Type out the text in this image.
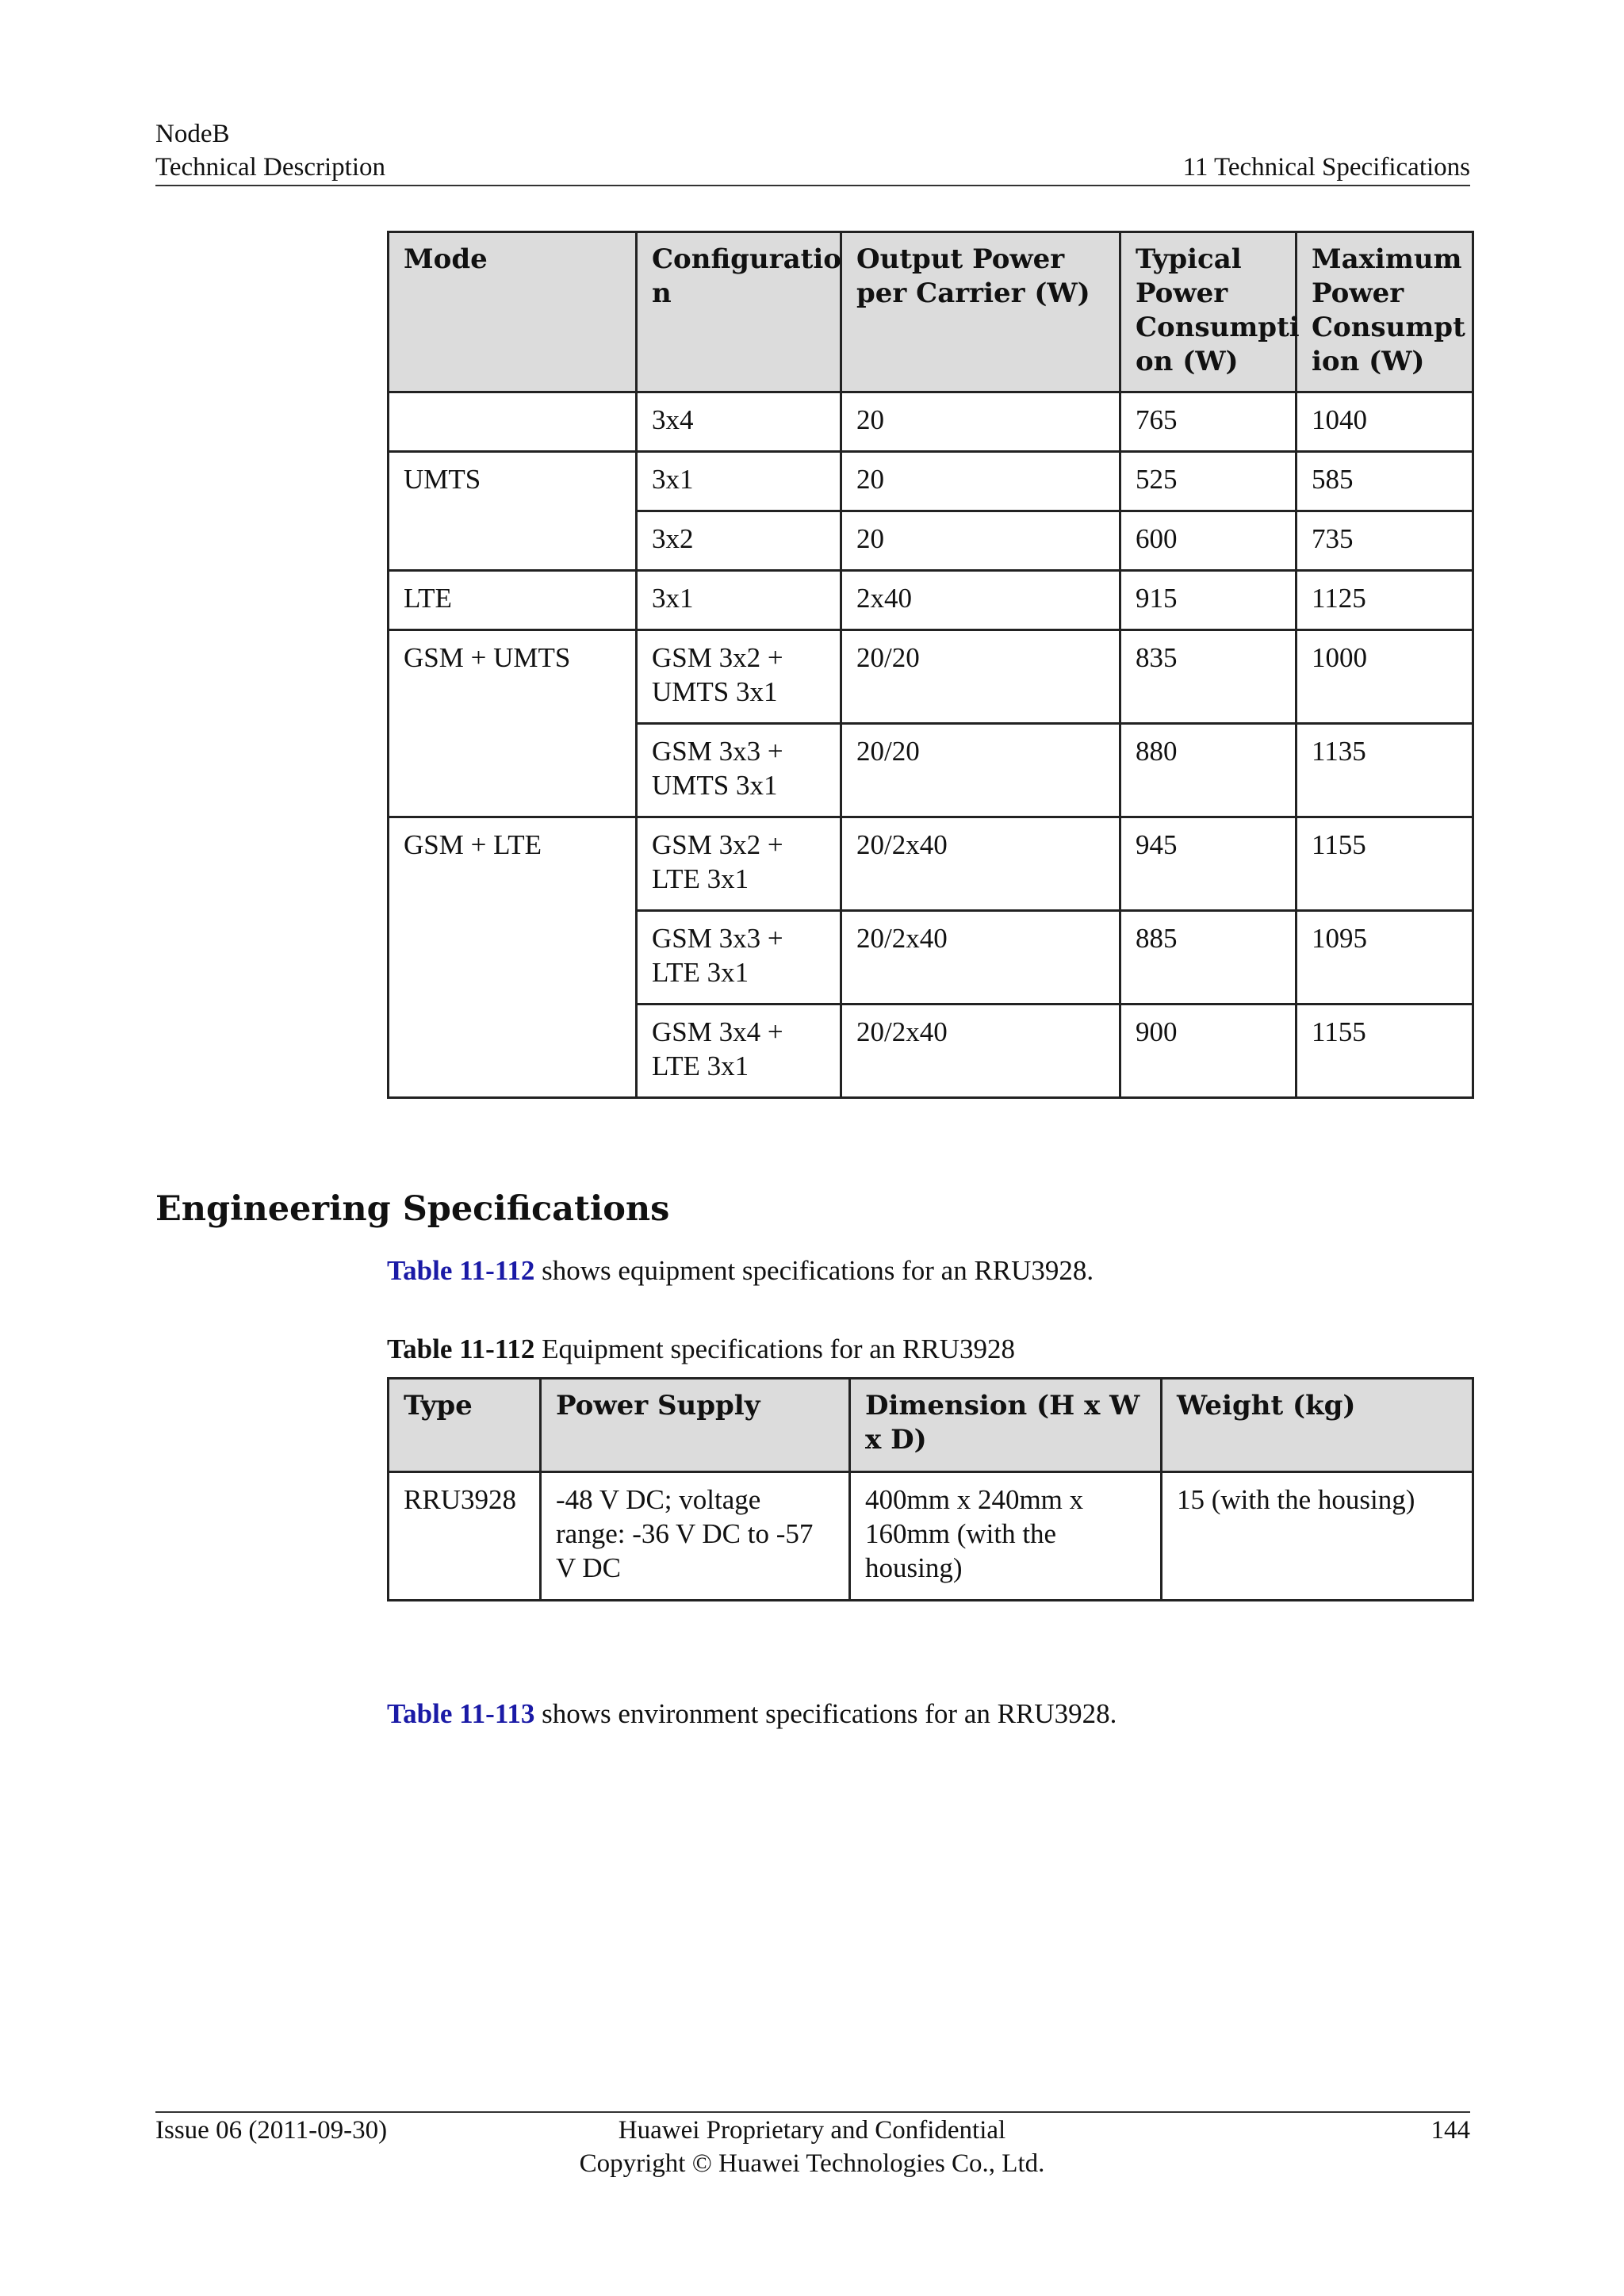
NodeB
Technical Description	11 Technical Specifications
Mode	Configuratio n	Output Power per Carrier (W)	Typical Power Consumpti on (W)	Maximum Power Consumpt ion (W)
	3x4	20	765	1040
UMTS	3x1	20	525	585
	3x2	20	600	735
LTE	3x1	2x40	915	1125
GSM + UMTS	GSM 3x2 + UMTS 3x1	20/20	835	1000
	GSM 3x3 + UMTS 3x1	20/20	880	1135
GSM + LTE	GSM 3x2 + LTE 3x1	20/2x40	945	1155
	GSM 3x3 + LTE 3x1	20/2x40	885	1095
	GSM 3x4 + LTE 3x1	20/2x40	900	1155
Engineering Specifications

Table 11-112 shows equipment specifications for an RRU3928.

Table 11-112 Equipment specifications for an RRU3928

Type	Power Supply	Dimension (H x W x D)	Weight (kg)
RRU3928	-48 V DC; voltage range: -36 V DC to -57 V DC	400mm x 240mm x 160mm (with the housing)	15 (with the housing)

Table 11-113 shows environment specifications for an RRU3928.

Issue 06 (2011-09-30)	Huawei Proprietary and Confidential
Copyright © Huawei Technologies Co., Ltd.
144
